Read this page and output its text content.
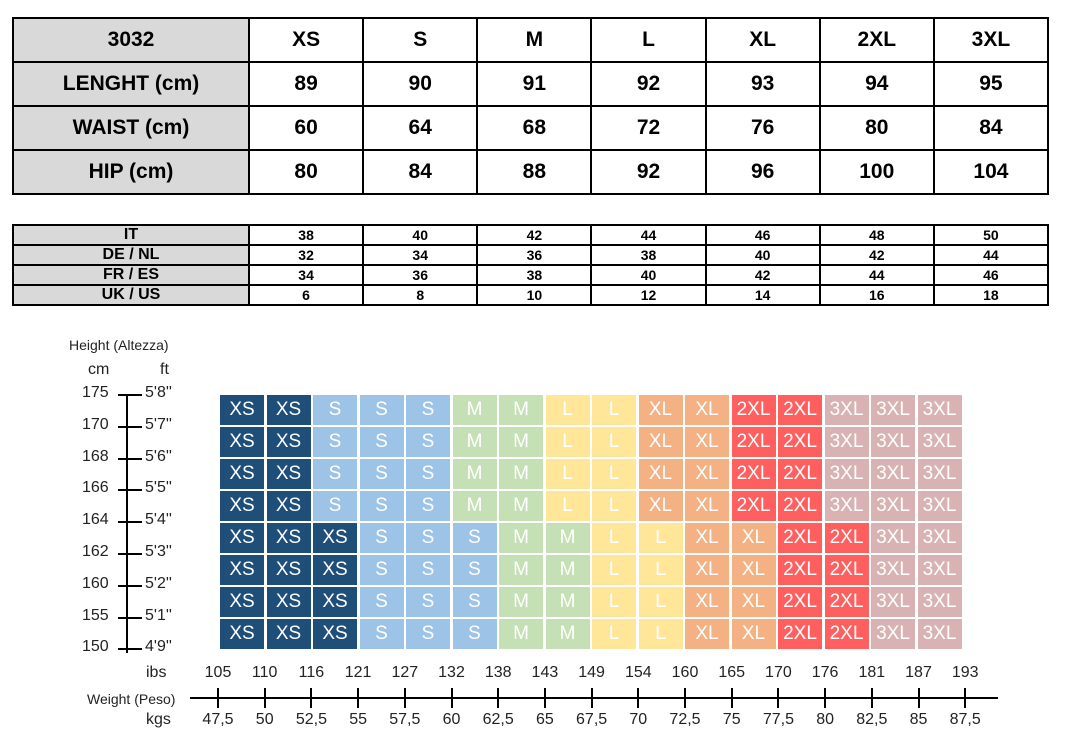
3032	XS	S	M	L	XL	2XL	3XL
LENGHT (cm)	89	90	91	92	93	94	95
WAIST (cm)	60	64	68	72	76	80	84
HIP (cm)	80	84	88	92	96	100	104
IT	38	40	42	44	46	48	50
DE / NL	32	34	36	38	40	42	44
FR / ES	34	36	38	40	42	44	46
UK / US	6	8	10	12	14	16	18
Height (Altezza)
cm	ft
ibs
Weight (Peso)
kgs
XS	XS	S	S	S	M	M	L	L	XL	XL 2XL 2XL 3XL 3XL 3XL
XS	XS	S	S	S	M	M	L	L	XL	XL 2XL 2XL 3XL 3XL 3XL
XS	XS	S	S	S	M	M	L	L	XL	XL 2XL 2XL 3XL 3XL 3XL
XS	XS	S	S	S	M	M	L	L	XL	XL 2XL 2XL 3XL 3XL 3XL
XS	XS	XS	S	S	S	M	M	L	L	XL	XL 2XL 2XL 3XL 3XL
XS	XS	XS	S	S	S	M	M	L	L	XL	XL 2XL 2XL 3XL 3XL
XS	XS	XS	S	S	S	M	M	L	L	XL	XL 2XL 2XL 3XL 3XL
XS	XS	XS	S	S	S	M	M	L	L	XL	XL 2XL 2XL 3XL 3XL
175 5'8''
170 5'7''
168 5'6''
166 5'5''
164 5'4''
162 5'3''
160 5'2''
155 5'1''
150 4'9''
105 110 116 121 127 132 138 143 149 154 160 165 170 176 181 187 193
47,5 50 52,5 55 57,5 60 62,5 65 67,5 70 72,5 75 77,5 80 82,5 85 87,5
